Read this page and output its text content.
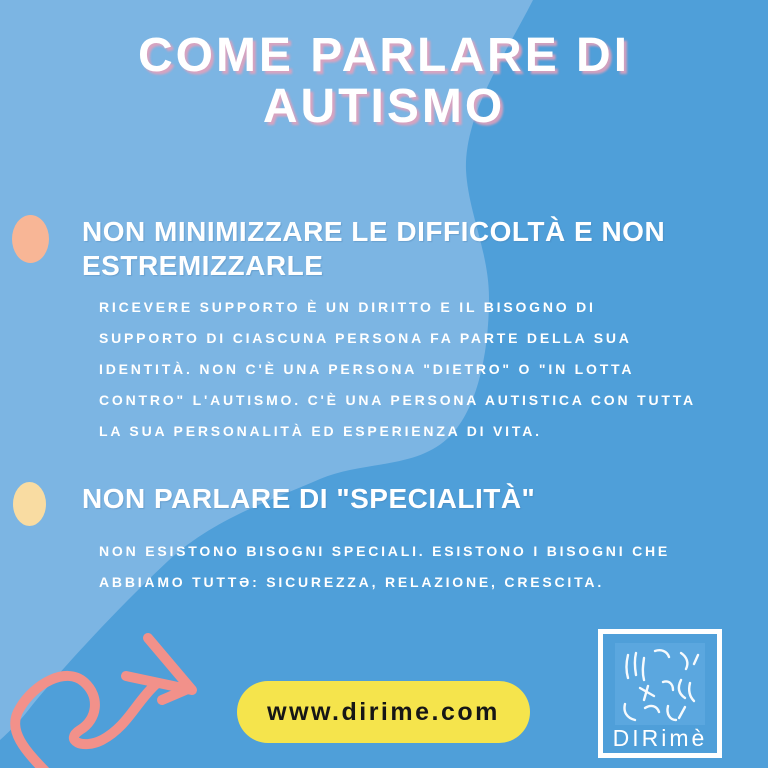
COME PARLARE DI
AUTISMO
NON MINIMIZZARE LE DIFFICOLTÀ E NON
ESTREMIZZARLE
RICEVERE SUPPORTO È UN DIRITTO E IL BISOGNO DI
SUPPORTO DI CIASCUNA PERSONA FA PARTE DELLA SUA
IDENTITÀ. NON C'È UNA PERSONA "DIETRO" O "IN LOTTA
CONTRO" L'AUTISMO. C'È UNA PERSONA AUTISTICA CON TUTTA
LA SUA PERSONALITÀ ED ESPERIENZA DI VITA.
NON PARLARE DI "SPECIALITÀ"
NON ESISTONO BISOGNI SPECIALI. ESISTONO I BISOGNI CHE
ABBIAMO TUTTƏ: SICUREZZA, RELAZIONE, CRESCITA.
www.dirime.com
DIRimè
